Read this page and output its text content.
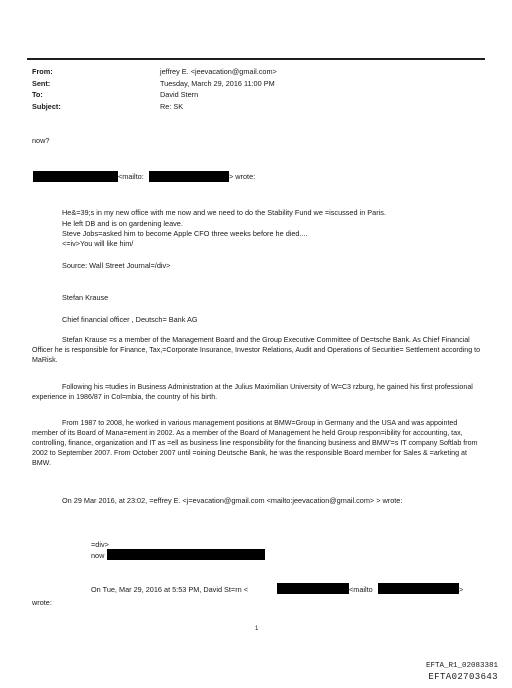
From:	jeffrey E. <jeevacation@gmail.com>
Sent:	Tuesday, March 29, 2016 11:00 PM
To:	David Stern
Subject:	Re: SK
now?
<mailto:	> wrote:
He&=39;s in my new office with me now and we need to do the Stability Fund we =iscussed in Paris.
He left DB and is on gardening leave.
Steve Jobs=asked him to become Apple CFO three weeks before he died....
<=iv>You will like him/
Source: Wall Street Journal=/div>
Stefan Krause
Chief financial officer , Deutsch= Bank AG
Stefan Krause =s a member of the Management Board and the Group Executive Committee of De=tsche Bank. As Chief Financial Officer he is responsible for Finance, Tax,=Corporate Insurance, Investor Relations, Audit and Operations of Securitie= Settlement according to MaRisk.
Following his =tudies in Business Administration at the Julius Maximilian University of W=C3 rzburg, he gained his first professional experience in 1986/87 in Col=mbia, the country of his birth.
From 1987 to 2008, he worked in various management positions at BMW=Group in Germany and the USA and was appointed member of its Board of Mana=ement in 2002. As a member of the Board of Management he held Group respon=ibility for accounting, tax, controlling, finance, organization and IT as =ell as business line responsibility for the financing business and BMW'=s IT company Softlab from 2002 to September 2007. From October 2007 until =oining Deutsche Bank, he was the responsible Board member for Sales & =arketing at BMW.
On 29 Mar 2016, at 23:02, =effrey E. <j=evacation@gmail.com <mailto:jeevacation@gmail.com> > wrote:
=div>
now
On Tue, Mar 29, 2016 at 5:53 PM, David St=rn <	<mailto	>
wrote:
1
EFTA_R1_02083381
EFTA02703643
